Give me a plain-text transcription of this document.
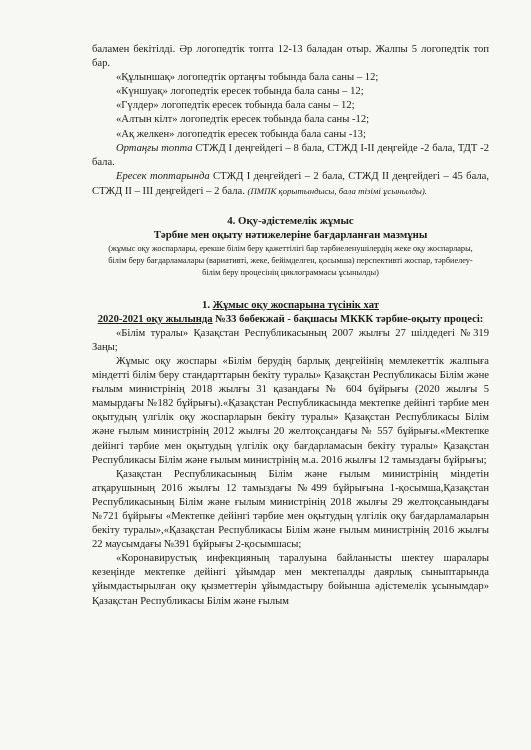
баламен бекітілді. Әр логопедтік топта 12-13 баладан отыр. Жалпы 5 логопедтік топ бар.

«Құлыншақ» логопедтік ортаңғы тобында бала саны – 12;

«Күншуақ» логопедтік ересек тобында бала саны – 12;

«Гүлдер» логопедтік ересек тобында бала саны – 12;

«Алтын кілт» логопедтік ересек тобында бала саны -12;

«Ақ желкен» логопедтік ересек тобында бала саны -13;

Ортаңғы топта СТЖД І деңгейдегі – 8 бала, СТЖД І-ІІ деңгейде -2 бала, ТДТ -2 бала.

Ересек топтарында СТЖД І деңгейдегі – 2 бала, СТЖД ІІ деңгейдегі – 45 бала, СТЖД ІІ – ІІІ деңгейдегі – 2 бала. (ПМПК қорытындысы, бала тізімі ұсынылды).

4. Оқу-әдістемелік жұмыс

Тәрбие мен оқыту нәтижелеріне бағдарланған мазмұны

(жұмыс оқу жоспарлары, ерекше білім беру қажеттілігі бар тәрбиеленушілердің жеке оқу жоспарлары, білім беру бағдарламалары (вариативті, жеке, бейімделген, қосымша) перспективті жоспар, тәрбиелеу-білім беру процесінің циклограммасы ұсынылды)

1. Жұмыс оқу жоспарына түсінік хат

2020-2021 оқу жылында №33 бөбекжай - бақшасы МККК тәрбие-оқыту процесі:

«Білім туралы» Қазақстан Республикасының 2007 жылғы 27 шілдедегі №319 Заңы;

Жұмыс оқу жоспары «Білім берудің барлық деңгейінің мемлекеттік жалпыға міндетті білім беру стандарттарын бекіту туралы» Қазақстан Республикасы Білім және ғылым министрінің 2018 жылғы 31 қазандағы № 604 бұйрығы (2020 жылғы 5 мамырдағы №182 бұйрығы).«Қазақстан Республикасында мектепке дейінгі тәрбие мен оқытудың үлгілік оқу жоспарларын бекіту туралы» Қазақстан Республикасы Білім және ғылым министрінің 2012 жылғы 20 желтоқсандағы № 557 бұйрығы.«Мектепке дейінгі тәрбие мен оқытудың үлгілік оқу бағдарламасын бекіту туралы» Қазақстан Республикасы Білім және ғылым министрінің м.а. 2016 жылғы 12 тамыздағы бұйрығы;

Қазақстан Республикасының Білім және ғылым министрінің міндетін атқарушының 2016 жылғы 12 тамыздағы №499 бұйрығына 1-қосымша,Қазақстан Республикасының Білім және ғылым министрінің 2018 жылғы 29 желтоқсанындағы №721 бұйрығы «Мектепке дейінгі тәрбие мен оқытудың үлгілік оқу бағдарламаларын бекіту туралы»,«Қазақстан Республикасы Білім және ғылым министрінің 2016 жылғы 22 маусымдағы №391 бұйрығы 2-қосымшасы;

«Коронавирустық инфекцияның таралуына байланысты шектеу шаралары кезеңінде мектепке дейінгі ұйымдар мен мектепалды даярлық сыныптарында ұйымдастырылған оқу қызметтерін ұйымдастыру бойынша әдістемелік ұсынымдар» Қазақстан Республикасы Білім және ғылым
